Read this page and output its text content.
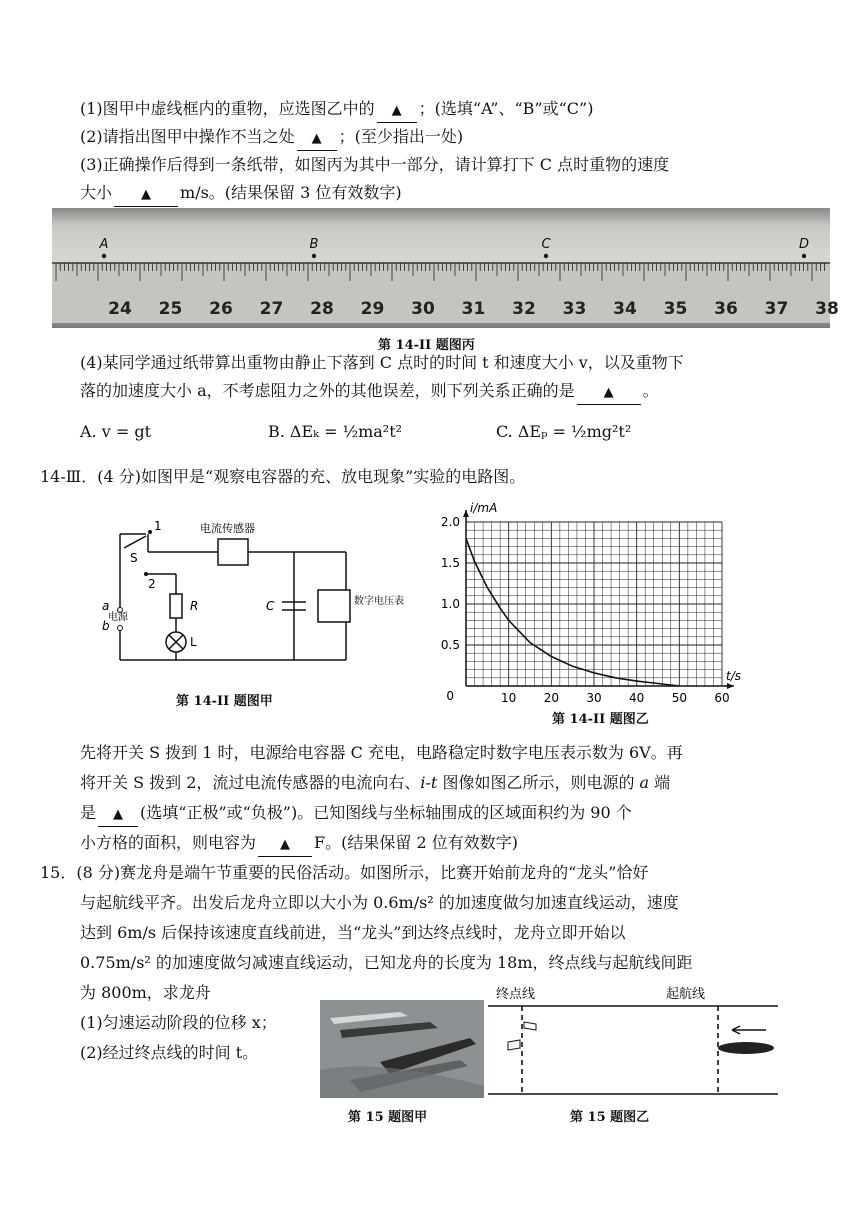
(1)图甲中虚线框内的重物，应选图乙中的 ▲ ；(选填“A”、“B”或“C”)
(2)请指出图甲中操作不当之处 ▲ ；(至少指出一处)
(3)正确操作后得到一条纸带，如图丙为其中一部分，请计算打下 C 点时重物的速度
大小 ▲ m/s。(结果保留 3 位有效数字)
24 25 26 27 28 29 30 31 32 33 34 35 36 37 38
A	B	C	D
第 14-II 题图丙
(4)某同学通过纸带算出重物由静止下落到 C 点时的时间 t 和速度大小 v，以及重物下
落的加速度大小 a，不考虑阻力之外的其他误差，则下列关系正确的是 ▲ 。
A. v = gt	B. ΔEₖ = ½ma²t²	C. ΔEₚ = ½mg²t²
14-Ⅲ．(4 分)如图甲是“观察电容器的充、放电现象”实验的电路图。
1
S
2
电流传感器
a
b
电源
R
L
C	数字电压表
第 14-II 题图甲	10 20 30 40 50 60
0.5
1.0
1.5
2.0
0
t/s
i/mA
第 14-II 题图乙
先将开关 S 拨到 1 时，电源给电容器 C 充电，电路稳定时数字电压表示数为 6V。再
将开关 S 拨到 2，流过电流传感器的电流向右、i-t 图像如图乙所示，则电源的 a 端
是 ▲ (选填“正极”或“负极”)。已知图线与坐标轴围成的区域面积约为 90 个
小方格的面积，则电容为 ▲ F。(结果保留 2 位有效数字)
15．(8 分)赛龙舟是端午节重要的民俗活动。如图所示，比赛开始前龙舟的“龙头”恰好
与起航线平齐。出发后龙舟立即以大小为 0.6m/s² 的加速度做匀加速直线运动，速度
达到 6m/s 后保持该速度直线前进，当“龙头”到达终点线时，龙舟立即开始以
0.75m/s² 的加速度做匀减速直线运动，已知龙舟的长度为 18m，终点线与起航线间距
为 800m，求龙舟
(1)匀速运动阶段的位移 x；
(2)经过终点线的时间 t。
第 15 题图甲
终点线	起航线
第 15 题图乙
